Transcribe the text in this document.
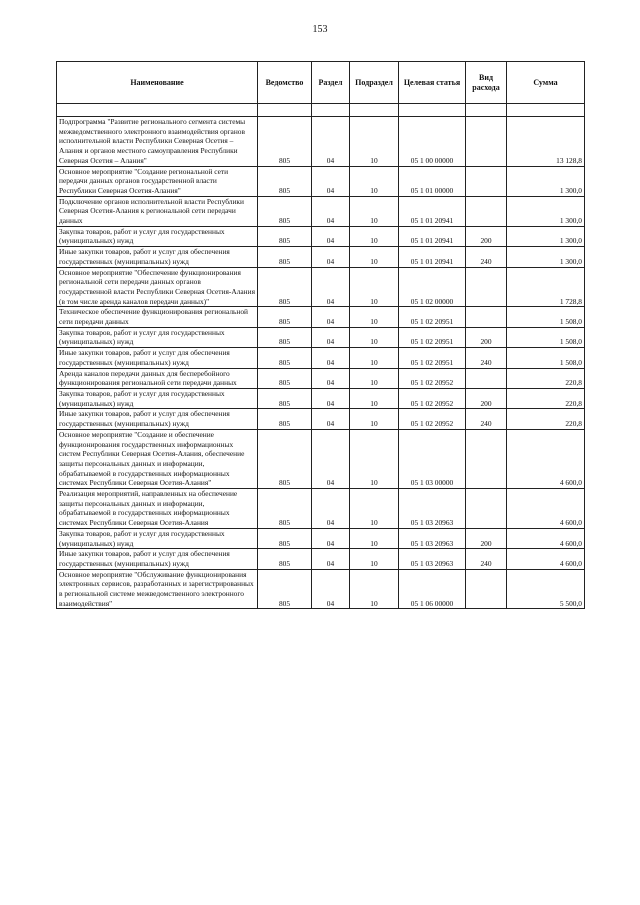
153
Наименование	Ведомство	Раздел	Подраздел	Целевая статья	Вид расхода	Сумма

Подпрограмма "Развитие регионального сегмента системы межведомственного электронного взаимодействия органов исполнительной власти Республики Северная Осетия – Алания и органов местного самоуправления Республики Северная Осетия – Алания"	805	04	10	05 1 00 00000		13 128,8
Основное мероприятие "Создание региональной сети передачи данных органов государственной власти Республики Северная Осетия-Алания"	805	04	10	05 1 01 00000		1 300,0
Подключение органов исполнительной власти Республики Северная Осетия-Алания к региональной сети передачи данных	805	04	10	05 1 01 20941		1 300,0
Закупка товаров, работ и услуг для государственных (муниципальных) нужд	805	04	10	05 1 01 20941	200	1 300,0
Иные закупки товаров, работ и услуг для обеспечения государственных (муниципальных) нужд	805	04	10	05 1 01 20941	240	1 300,0
Основное мероприятие "Обеспечение функционирования региональной сети передачи данных органов государственной власти Республики Северная Осетия-Алания (в том числе аренда каналов передачи данных)"	805	04	10	05 1 02 00000		1 728,8
Техническое обеспечение функционирования региональной сети передачи данных	805	04	10	05 1 02 20951		1 508,0
Закупка товаров, работ и услуг для государственных (муниципальных) нужд	805	04	10	05 1 02 20951	200	1 508,0
Иные закупки товаров, работ и услуг для обеспечения государственных (муниципальных) нужд	805	04	10	05 1 02 20951	240	1 508,0
Аренда каналов передачи данных для бесперебойного функционирования региональной сети передачи данных	805	04	10	05 1 02 20952		220,8
Закупка товаров, работ и услуг для государственных (муниципальных) нужд	805	04	10	05 1 02 20952	200	220,8
Иные закупки товаров, работ и услуг для обеспечения государственных (муниципальных) нужд	805	04	10	05 1 02 20952	240	220,8
Основное мероприятие "Создание и обеспечение функционирования государственных информационных систем Республики Северная Осетия-Алания, обеспечение защиты персональных данных и информации, обрабатываемой в государственных информационных системах Республики Северная Осетия-Алания"	805	04	10	05 1 03 00000		4 600,0
Реализация мероприятий, направленных на обеспечение защиты персональных данных и информации, обрабатываемой в государственных информационных системах Республики Северная Осетия-Алания	805	04	10	05 1 03 20963		4 600,0
Закупка товаров, работ и услуг для государственных (муниципальных) нужд	805	04	10	05 1 03 20963	200	4 600,0
Иные закупки товаров, работ и услуг для обеспечения государственных (муниципальных) нужд	805	04	10	05 1 03 20963	240	4 600,0
Основное мероприятие "Обслуживание функционирования электронных сервисов, разработанных и зарегистрированных в региональной системе межведомственного электронного взаимодействия"	805	04	10	05 1 06 00000		5 500,0
